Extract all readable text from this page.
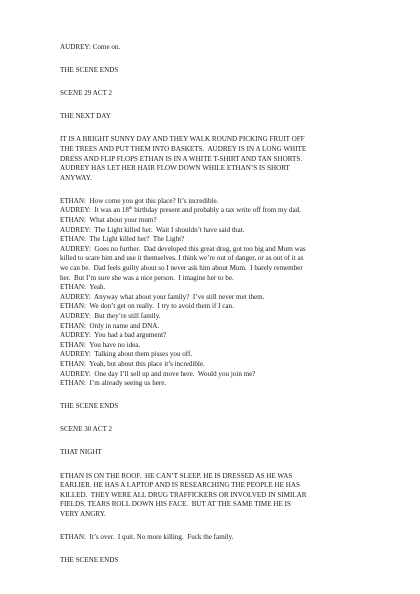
AUDREY: Come on.
THE SCENE ENDS
SCENE 29 ACT 2
THE NEXT DAY
IT IS A BRIGHT SUNNY DAY AND THEY WALK ROUND PICKING FRUIT OFF
THE TREES AND PUT THEM INTO BASKETS.  AUDREY IS IN A LONG WHITE
DRESS AND FLIP FLOPS ETHAN IS IN A WHITE T-SHIRT AND TAN SHORTS.
AUDREY HAS LET HER HAIR FLOW DOWN WHILE ETHAN’S IS SHORT
ANYWAY.
ETHAN:  How come you got this place? It’s incredible.
AUDREY:  It was an 18th birthday present and probably a tax write off from my dad.
ETHAN:  What about your mum?
AUDREY:  The Light killed her.  Wait I shouldn’t have said that.
ETHAN:  The Light killed her?  The Light?
AUDREY:  Goes no further.  Dad developed this great drug, got too big and Mum was
killed to scare him and use it themselves. I think we’re out of danger, or as out of it as
we can be.  Dad feels guilty about so I never ask him about Mum.  I barely remember
her.  But I’m sure she was a nice person.  I imagine her to be.
ETHAN:  Yeah.
AUDREY:  Anyway what about your family?  I’ve still never met them.
ETHAN:  We don’t get on really.  I try to avoid them if I can.
AUDREY:  But they’re still family.
ETHAN:  Only in name and DNA.
AUDREY:  You had a bad argument?
ETHAN:  You have no idea.
AUDREY:  Talking about them pisses you off.
ETHAN:  Yeah, but about this place it’s incredible.
AUDREY:  One day I’ll sell up and move here.  Would you join me?
ETHAN:  I’m already seeing us here.
THE SCENE ENDS
SCENE 30 ACT 2
THAT NIGHT
ETHAN IS ON THE ROOF.  HE CAN’T SLEEP. HE IS DRESSED AS HE WAS
EARLIER. HE HAS A LAPTOP AND IS RESEARCHING THE PEOPLE HE HAS
KILLED.  THEY WERE ALL DRUG TRAFFICKERS OR INVOLVED IN SIMILAR
FIELDS. TEARS ROLL DOWN HIS FACE.  BUT AT THE SAME TIME HE IS
VERY ANGRY.
ETHAN:  It’s over.  I quit. No more killing.  Fuck the family.
THE SCENE ENDS
